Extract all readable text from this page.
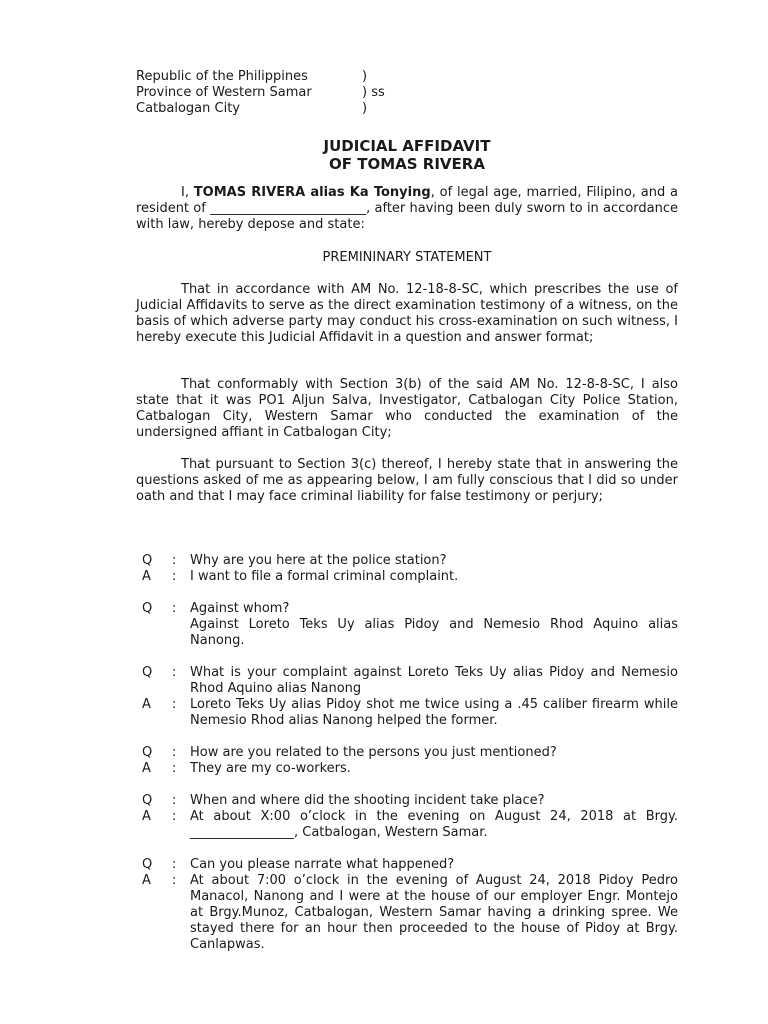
Republic of the Philippines	)
Province of Western Samar	) ss
Catbalogan City	)
JUDICIAL AFFIDAVIT
OF TOMAS RIVERA
I, TOMAS RIVERA alias Ka Tonying, of legal age, married, Filipino, and a resident of ________________________, after having been duly sworn to in accordance with law, hereby depose and state:
PREMININARY STATEMENT
That in accordance with AM No. 12-18-8-SC, which prescribes the use of Judicial Affidavits to serve as the direct examination testimony of a witness, on the basis of which adverse party may conduct his cross-examination on such witness, I hereby execute this Judicial Affidavit in a question and answer format;
That conformably with Section 3(b) of the said AM No. 12-8-8-SC, I also state that it was PO1 Aljun Salva, Investigator, Catbalogan City Police Station, Catbalogan City, Western Samar who conducted the examination of the undersigned affiant in Catbalogan City;
That pursuant to Section 3(c) thereof, I hereby state that in answering the questions asked of me as appearing below, I am fully conscious that I did so under oath and that I may face criminal liability for false testimony or perjury;
Q : Why are you here at the police station?
A : I want to file a formal criminal complaint.
Q : Against whom?
Against Loreto Teks Uy alias Pidoy and Nemesio Rhod Aquino alias Nanong.
Q : What is your complaint against Loreto Teks Uy alias Pidoy and Nemesio Rhod Aquino alias Nanong
A : Loreto Teks Uy alias Pidoy shot me twice using a .45 caliber firearm while Nemesio Rhod alias Nanong helped the former.
Q : How are you related to the persons you just mentioned?
A : They are my co-workers.
Q : When and where did the shooting incident take place?
A : At about X:00 o’clock in the evening on August 24, 2018 at Brgy. ________________, Catbalogan, Western Samar.
Q : Can you please narrate what happened?
A : At about 7:00 o’clock in the evening of August 24, 2018 Pidoy Pedro Manacol, Nanong and I were at the house of our employer Engr. Montejo at Brgy.Munoz, Catbalogan, Western Samar having a drinking spree. We stayed there for an hour then proceeded to the house of Pidoy at Brgy. Canlapwas.
